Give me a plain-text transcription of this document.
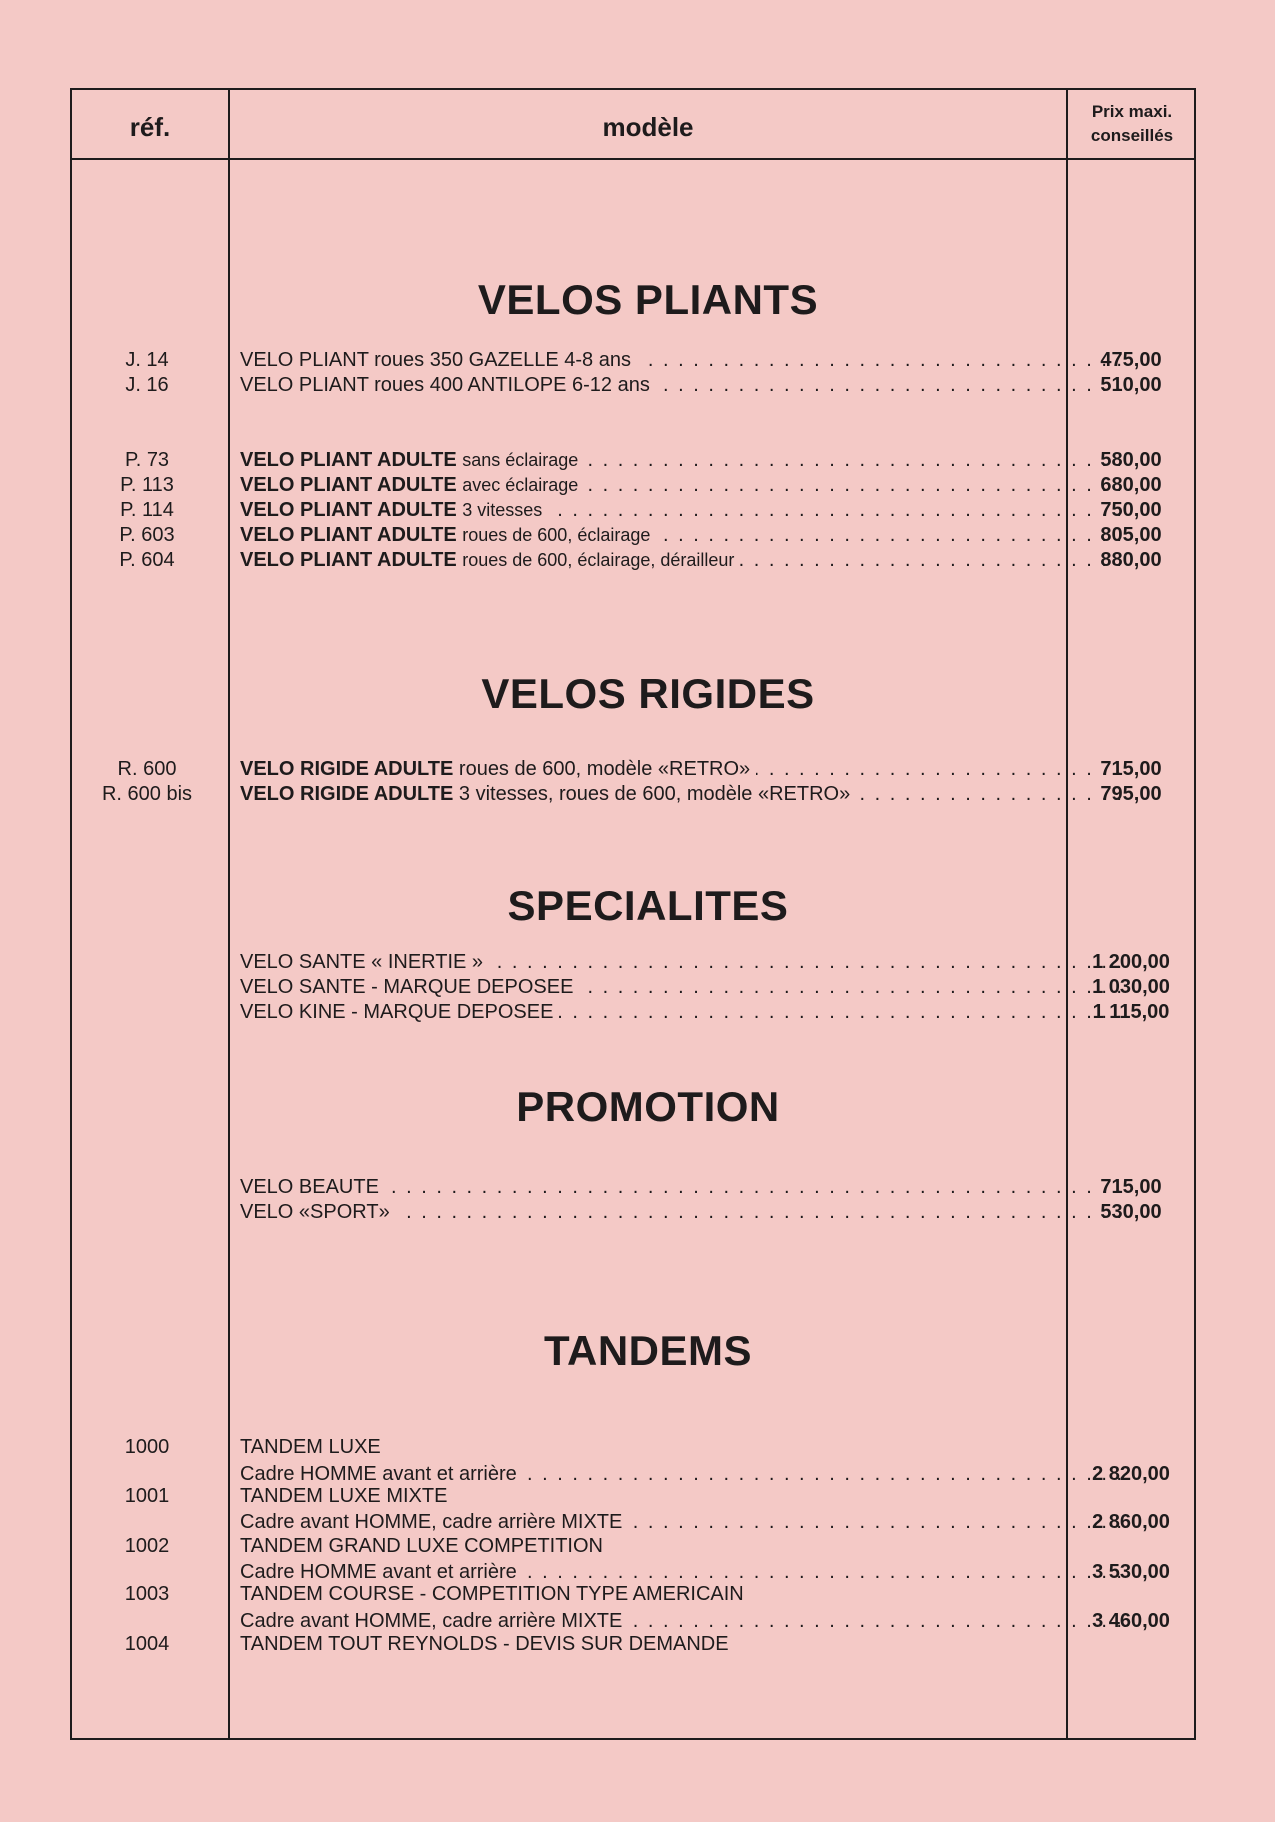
réf.	modèle
Prix maxi.
conseillés
VELOS PLIANTS
J. 14	VELO PLIANT roues 350 GAZELLE 4-8 ans . . .	475,00
J. 16	VELO PLIANT roues 400 ANTILOPE 6-12 ans . . .	510,00
P. 73	VELO PLIANT ADULTE sans éclairage . . .	580,00
P. 113	VELO PLIANT ADULTE avec éclairage . . .	680,00
P. 114	VELO PLIANT ADULTE 3 vitesses . . .	750,00
P. 603	VELO PLIANT ADULTE roues de 600, éclairage . . .	805,00
P. 604	VELO PLIANT ADULTE roues de 600, éclairage, dérailleur . . .	880,00
VELOS RIGIDES
R. 600	VELO RIGIDE ADULTE roues de 600, modèle «RETRO» . . .	715,00
R. 600 bis	VELO RIGIDE ADULTE 3 vitesses, roues de 600, modèle «RETRO» . . .	795,00
SPECIALITES
VELO SANTE « INERTIE » . . .	1 200,00
VELO SANTE - MARQUE DEPOSEE . . .	1 030,00
VELO KINE - MARQUE DEPOSEE . . .	1 115,00
PROMOTION
VELO BEAUTE . . .	715,00
VELO «SPORT» . . .	530,00
TANDEMS
1000	TANDEM LUXE
Cadre HOMME avant et arrière . . .	2 820,00
1001	TANDEM LUXE MIXTE
Cadre avant HOMME, cadre arrière MIXTE . . .	2 860,00
1002	TANDEM GRAND LUXE COMPETITION
Cadre HOMME avant et arrière . . .	3 530,00
1003	TANDEM COURSE - COMPETITION TYPE AMERICAIN
Cadre avant HOMME, cadre arrière MIXTE . . .	3 460,00
1004	TANDEM TOUT REYNOLDS - DEVIS SUR DEMANDE
